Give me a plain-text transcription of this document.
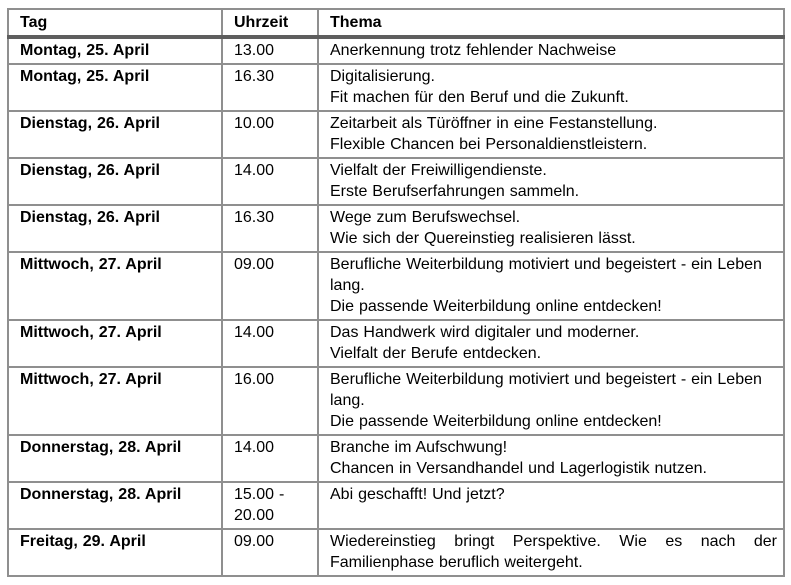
Tag	Uhrzeit	Thema
Montag, 25. April	13.00	Anerkennung trotz fehlender Nachweise

Montag, 25. April	16.30	Digitalisierung.
Fit machen für den Beruf und die Zukunft.

Dienstag, 26. April	10.00	Zeitarbeit als Türöffner in eine Festanstellung.
Flexible Chancen bei Personaldienstleistern.

Dienstag, 26. April	14.00	Vielfalt der Freiwilligendienste.
Erste Berufserfahrungen sammeln.

Dienstag, 26. April	16.30	Wege zum Berufswechsel.
Wie sich der Quereinstieg realisieren lässt.

Mittwoch, 27. April	09.00	Berufliche Weiterbildung motiviert und begeistert - ein Leben lang.
Die passende Weiterbildung online entdecken!

Mittwoch, 27. April	14.00	Das Handwerk wird digitaler und moderner.
Vielfalt der Berufe entdecken.

Mittwoch, 27. April	16.00	Berufliche Weiterbildung motiviert und begeistert - ein Leben lang.
Die passende Weiterbildung online entdecken!

Donnerstag, 28. April	14.00	Branche im Aufschwung!
Chancen in Versandhandel und Lagerlogistik nutzen.

Donnerstag, 28. April	15.00 - 20.00	Abi geschafft! Und jetzt?

Freitag, 29. April	09.00	Wiedereinstieg bringt Perspektive. Wie es nach der Familienphase beruflich weitergeht.
